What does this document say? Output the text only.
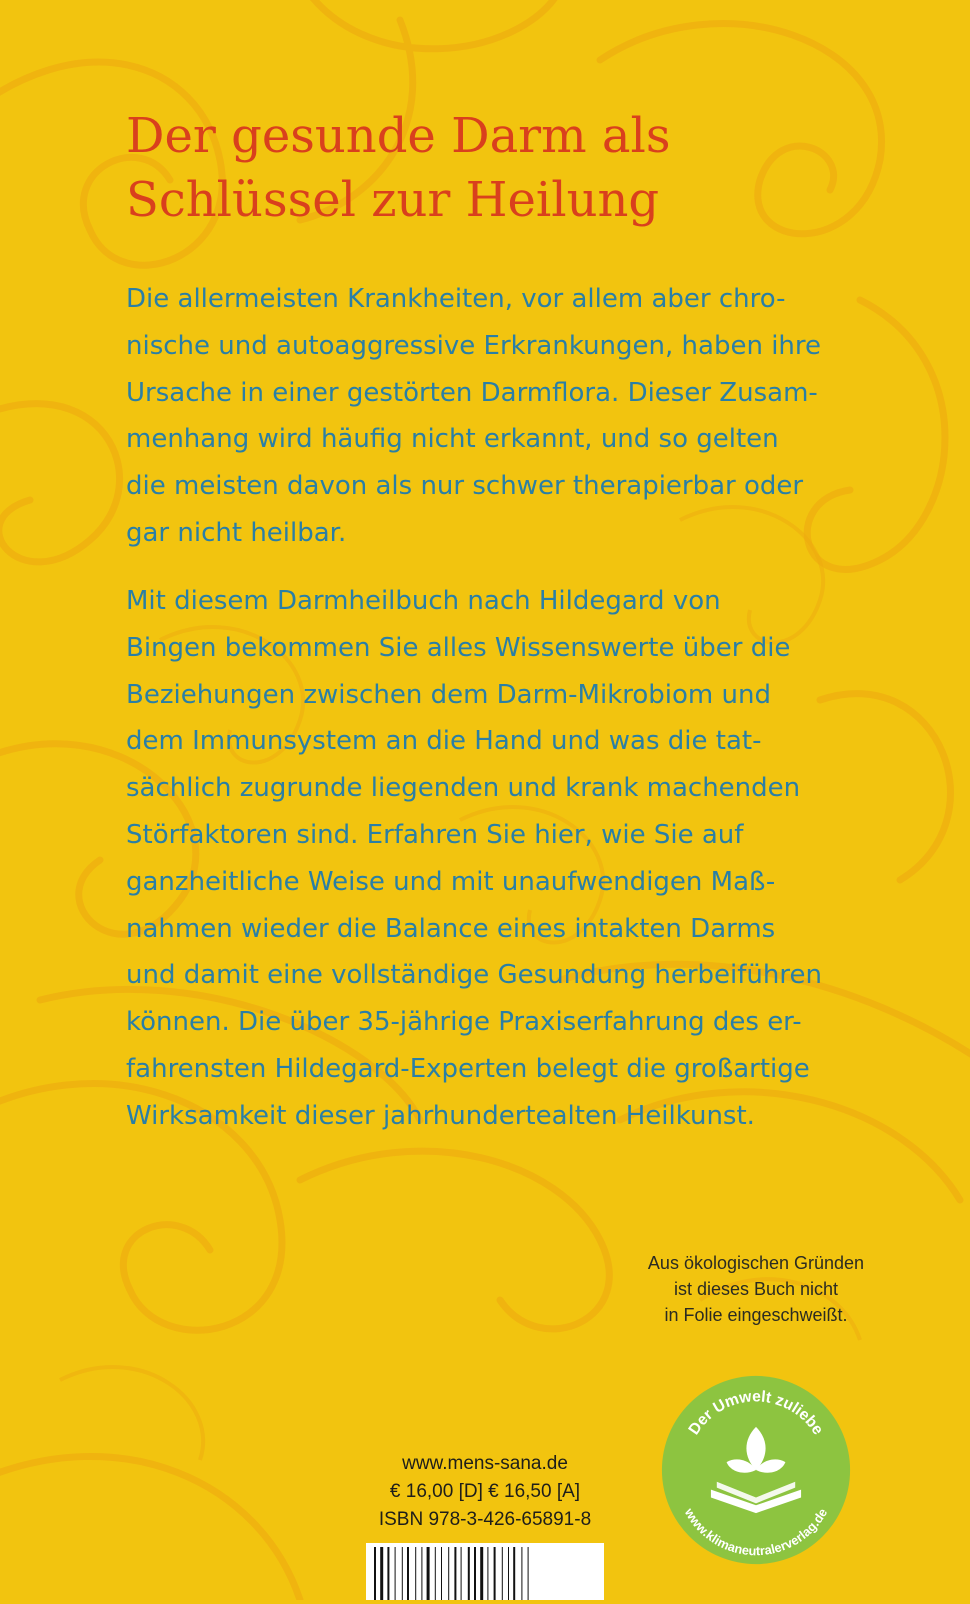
Der gesunde Darm als
Schlüssel zur Heilung
Die allermeisten Krankheiten, vor allem aber chro-
nische und autoaggressive Erkrankungen, haben ihre
Ursache in einer gestörten Darmflora. Dieser Zusam-
menhang wird häufig nicht erkannt, und so gelten
die meisten davon als nur schwer therapierbar oder
gar nicht heilbar.
Mit diesem Darmheilbuch nach Hildegard von
Bingen bekommen Sie alles Wissenswerte über die
Beziehungen zwischen dem Darm-Mikrobiom und
dem Immunsystem an die Hand und was die tat-
sächlich zugrunde liegenden und krank machenden
Störfaktoren sind. Erfahren Sie hier, wie Sie auf
ganzheitliche Weise und mit unaufwendigen Maß-
nahmen wieder die Balance eines intakten Darms
und damit eine vollständige Gesundung herbeiführen
können. Die über 35-jährige Praxiserfahrung des er-
fahrensten Hildegard-Experten belegt die großartige
Wirksamkeit dieser jahrhundertealten Heilkunst.
Aus ökologischen Gründen
ist dieses Buch nicht
in Folie eingeschweißt.
Der Umwelt zuliebe
www.klimaneutralerverlag.de
www.mens-sana.de
€ 16,00 [D] € 16,50 [A]
ISBN 978-3-426-65891-8
